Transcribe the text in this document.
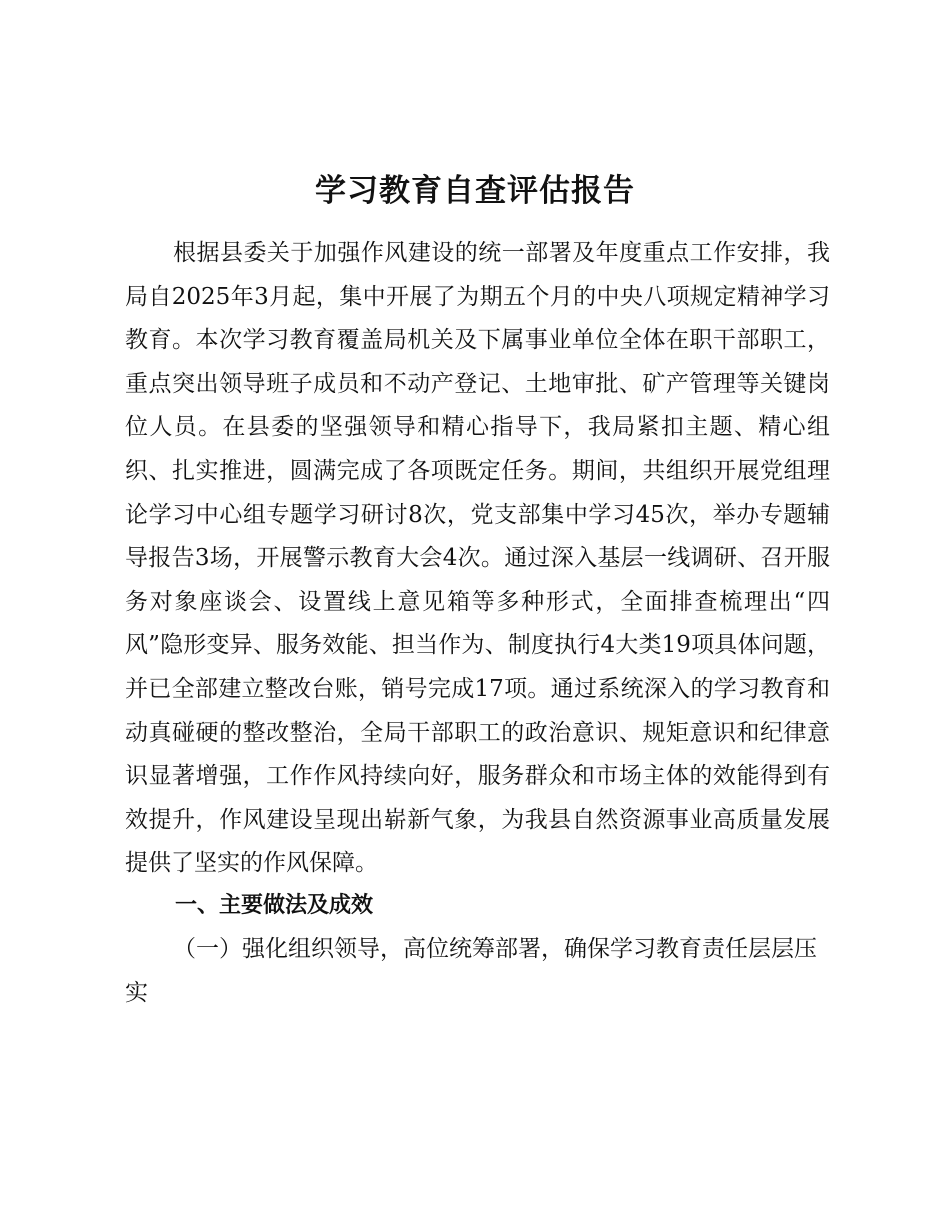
学习教育自查评估报告

根据县委关于加强作风建设的统一部署及年度重点工作安排，我局自2025年3月起，集中开展了为期五个月的中央八项规定精神学习教育。本次学习教育覆盖局机关及下属事业单位全体在职干部职工，重点突出领导班子成员和不动产登记、土地审批、矿产管理等关键岗位人员。在县委的坚强领导和精心指导下，我局紧扣主题、精心组织、扎实推进，圆满完成了各项既定任务。期间，共组织开展党组理论学习中心组专题学习研讨8次，党支部集中学习45次，举办专题辅导报告3场，开展警示教育大会4次。通过深入基层一线调研、召开服务对象座谈会、设置线上意见箱等多种形式，全面排查梳理出“四风”隐形变异、服务效能、担当作为、制度执行4大类19项具体问题，并已全部建立整改台账，销号完成17项。通过系统深入的学习教育和动真碰硬的整改整治，全局干部职工的政治意识、规矩意识和纪律意识显著增强，工作作风持续向好，服务群众和市场主体的效能得到有效提升，作风建设呈现出崭新气象，为我县自然资源事业高质量发展提供了坚实的作风保障。

一、主要做法及成效

（一）强化组织领导，高位统筹部署，确保学习教育责任层层压实
